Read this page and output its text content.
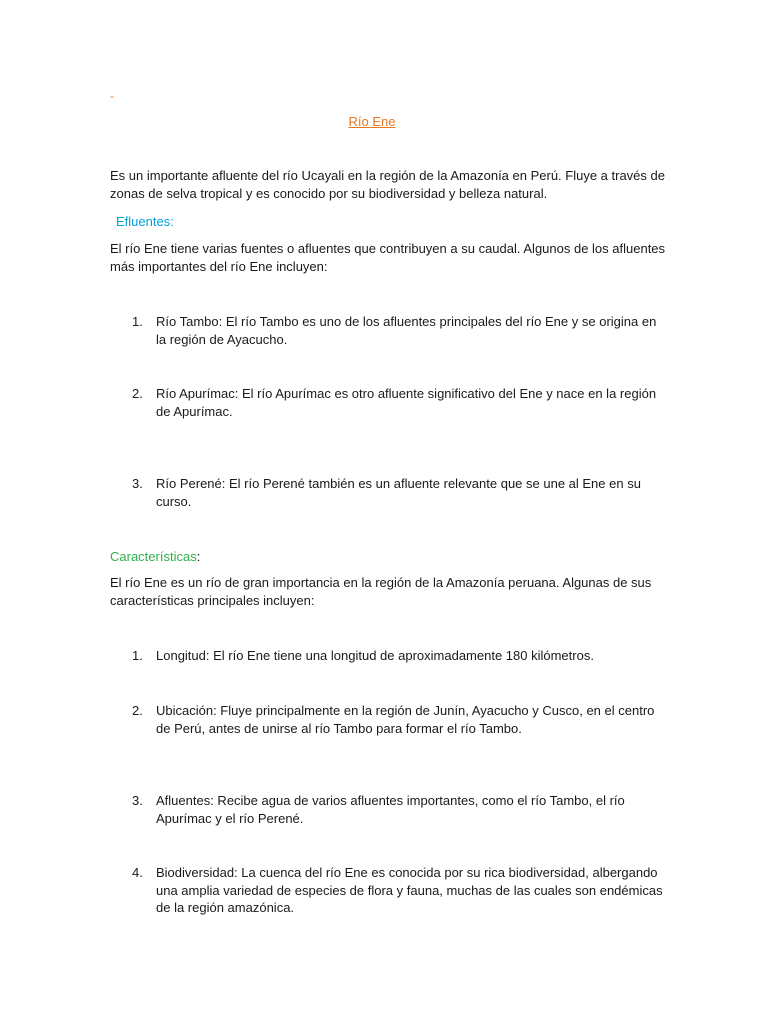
-
Río Ene

Es un importante afluente del río Ucayali en la región de la Amazonía en Perú. Fluye a través de zonas de selva tropical y es conocido por su biodiversidad y belleza natural.

Efluentes:

El río Ene tiene varias fuentes o afluentes que contribuyen a su caudal. Algunos de los afluentes más importantes del río Ene incluyen:

1.	Río Tambo: El río Tambo es uno de los afluentes principales del río Ene y se origina en la región de Ayacucho.
2.	Río Apurímac: El río Apurímac es otro afluente significativo del Ene y nace en la región de Apurímac.
3.	Río Perené: El río Perené también es un afluente relevante que se une al Ene en su curso.
Características:

El río Ene es un río de gran importancia en la región de la Amazonía peruana. Algunas de sus características principales incluyen:

1.	Longitud: El río Ene tiene una longitud de aproximadamente 180 kilómetros.
2.	Ubicación: Fluye principalmente en la región de Junín, Ayacucho y Cusco, en el centro de Perú, antes de unirse al río Tambo para formar el río Tambo.
3.	Afluentes: Recibe agua de varios afluentes importantes, como el río Tambo, el río Apurímac y el río Perené.
4.	Biodiversidad: La cuenca del río Ene es conocida por su rica biodiversidad, albergando una amplia variedad de especies de flora y fauna, muchas de las cuales son endémicas de la región amazónica.
